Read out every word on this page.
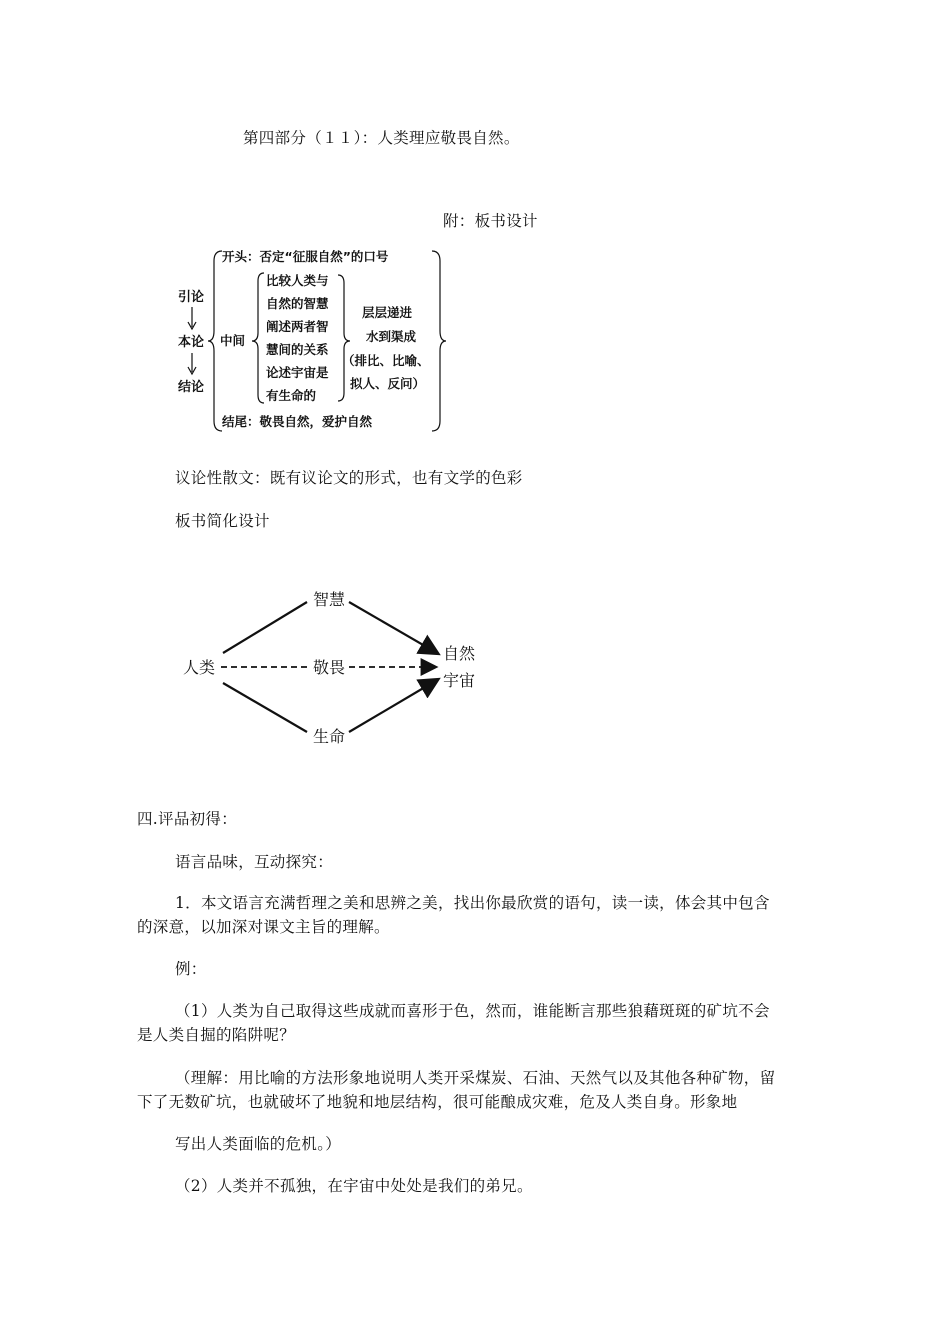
第四部分（１１）：人类理应敬畏自然。
附：板书设计
引论
本论
结论
开头：否定“征服自然”的口号
中间
比较人类与
自然的智慧
阐述两者智
慧间的关系
论述宇宙是
有生命的
层层递进
水到渠成
（排比、比喻、
拟人、反问）
结尾：敬畏自然，爱护自然
议论性散文：既有议论文的形式，也有文学的色彩
板书简化设计
人类
智慧
敬畏
生命
自然
宇宙
四.评品初得：
语言品味，互动探究：
1．本文语言充满哲理之美和思辨之美，找出你最欣赏的语句，读一读，体会其中包含
的深意，以加深对课文主旨的理解。
例：
（1）人类为自己取得这些成就而喜形于色，然而，谁能断言那些狼藉斑斑的矿坑不会
是人类自掘的陷阱呢？
（理解：用比喻的方法形象地说明人类开采煤炭、石油、天然气以及其他各种矿物，留
下了无数矿坑，也就破坏了地貌和地层结构，很可能酿成灾难，危及人类自身。形象地
写出人类面临的危机。）
（2）人类并不孤独，在宇宙中处处是我们的弟兄。
